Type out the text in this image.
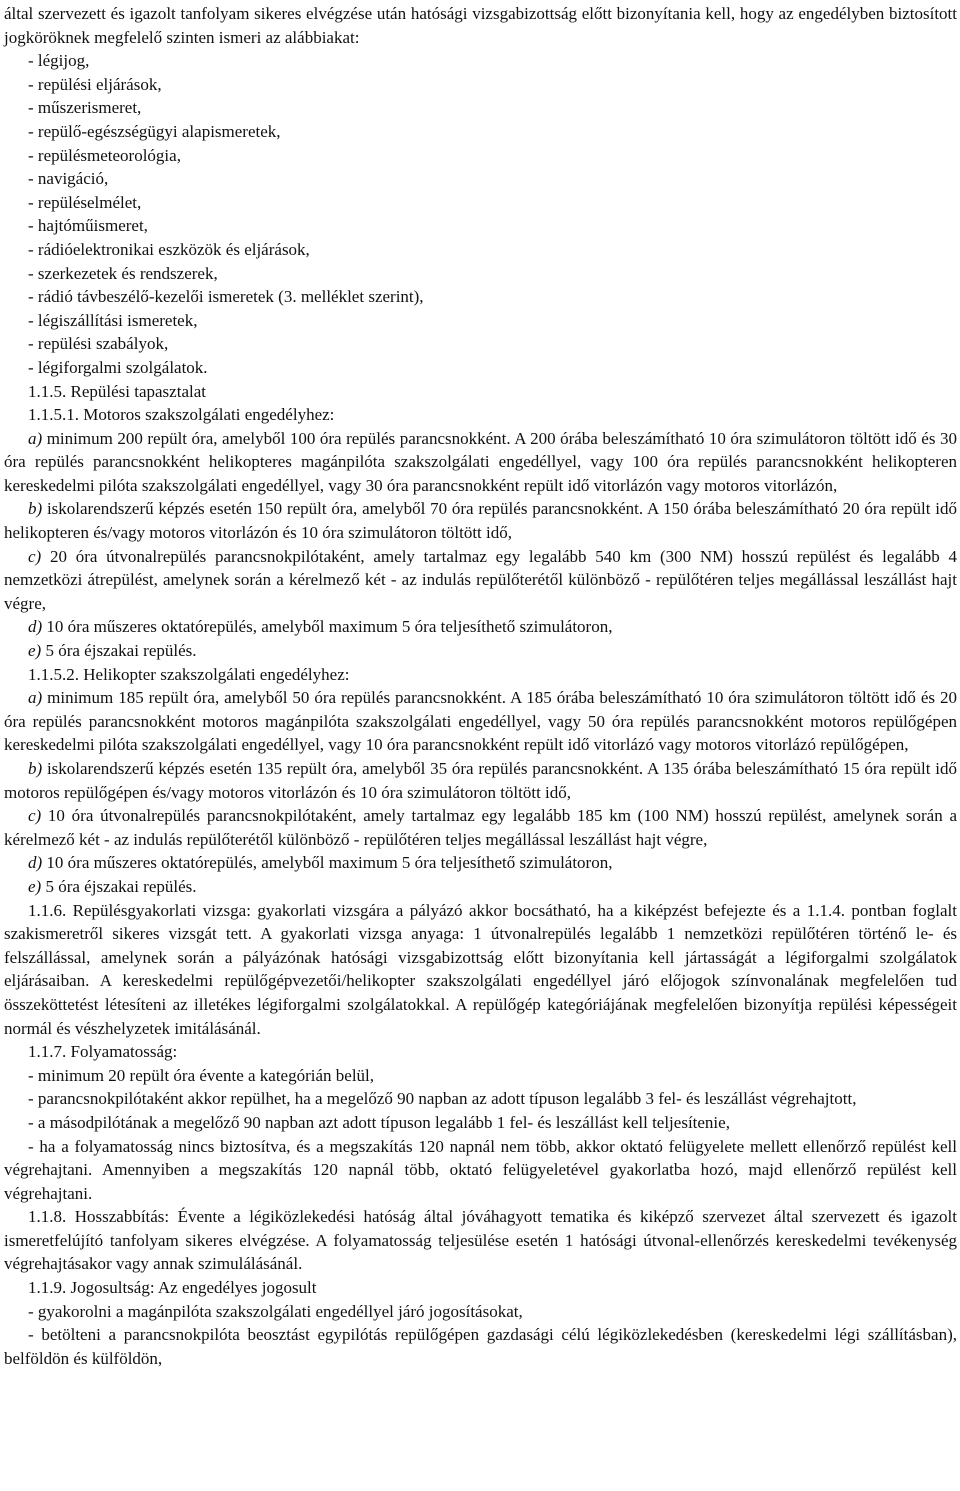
által szervezett és igazolt tanfolyam sikeres elvégzése után hatósági vizsgabizottság előtt bizonyítania kell, hogy az engedélyben biztosított jogköröknek megfelelő szinten ismeri az alábbiakat:

- légijog,

- repülési eljárások,

- műszerismeret,

- repülő-egészségügyi alapismeretek,

- repülésmeteorológia,

- navigáció,

- repüléselmélet,

- hajtóműismeret,

- rádióelektronikai eszközök és eljárások,

- szerkezetek és rendszerek,

- rádió távbeszélő-kezelői ismeretek (3. melléklet szerint),

- légiszállítási ismeretek,

- repülési szabályok,

- légiforgalmi szolgálatok.

1.1.5. Repülési tapasztalat

1.1.5.1. Motoros szakszolgálati engedélyhez:

a) minimum 200 repült óra, amelyből 100 óra repülés parancsnokként. A 200 órába beleszámítható 10 óra szimulátoron töltött idő és 30 óra repülés parancsnokként helikopteres magánpilóta szakszolgálati engedéllyel, vagy 100 óra repülés parancsnokként helikopteren kereskedelmi pilóta szakszolgálati engedéllyel, vagy 30 óra parancsnokként repült idő vitorlázón vagy motoros vitorlázón,

b) iskolarendszerű képzés esetén 150 repült óra, amelyből 70 óra repülés parancsnokként. A 150 órába beleszámítható 20 óra repült idő helikopteren és/vagy motoros vitorlázón és 10 óra szimulátoron töltött idő,

c) 20 óra útvonalrepülés parancsnokpilótaként, amely tartalmaz egy legalább 540 km (300 NM) hosszú repülést és legalább 4 nemzetközi átrepülést, amelynek során a kérelmező két - az indulás repülőterétől különböző - repülőtéren teljes megállással leszállást hajt végre,

d) 10 óra műszeres oktatórepülés, amelyből maximum 5 óra teljesíthető szimulátoron,

e) 5 óra éjszakai repülés.

1.1.5.2. Helikopter szakszolgálati engedélyhez:

a) minimum 185 repült óra, amelyből 50 óra repülés parancsnokként. A 185 órába beleszámítható 10 óra szimulátoron töltött idő és 20 óra repülés parancsnokként motoros magánpilóta szakszolgálati engedéllyel, vagy 50 óra repülés parancsnokként motoros repülőgépen kereskedelmi pilóta szakszolgálati engedéllyel, vagy 10 óra parancsnokként repült idő vitorlázó vagy motoros vitorlázó repülőgépen,

b) iskolarendszerű képzés esetén 135 repült óra, amelyből 35 óra repülés parancsnokként. A 135 órába beleszámítható 15 óra repült idő motoros repülőgépen és/vagy motoros vitorlázón és 10 óra szimulátoron töltött idő,

c) 10 óra útvonalrepülés parancsnokpilótaként, amely tartalmaz egy legalább 185 km (100 NM) hosszú repülést, amelynek során a kérelmező két - az indulás repülőterétől különböző - repülőtéren teljes megállással leszállást hajt végre,

d) 10 óra műszeres oktatórepülés, amelyből maximum 5 óra teljesíthető szimulátoron,

e) 5 óra éjszakai repülés.

1.1.6. Repülésgyakorlati vizsga: gyakorlati vizsgára a pályázó akkor bocsátható, ha a kiképzést befejezte és a 1.1.4. pontban foglalt szakismeretről sikeres vizsgát tett. A gyakorlati vizsga anyaga: 1 útvonalrepülés legalább 1 nemzetközi repülőtéren történő le- és felszállással, amelynek során a pályázónak hatósági vizsgabizottság előtt bizonyítania kell jártasságát a légiforgalmi szolgálatok eljárásaiban. A kereskedelmi repülőgépvezetői/helikopter szakszolgálati engedéllyel járó előjogok színvonalának megfelelően tud összeköttetést létesíteni az illetékes légiforgalmi szolgálatokkal. A repülőgép kategóriájának megfelelően bizonyítja repülési képességeit normál és vészhelyzetek imitálásánál.

1.1.7. Folyamatosság:

- minimum 20 repült óra évente a kategórián belül,

- parancsnokpilótaként akkor repülhet, ha a megelőző 90 napban az adott típuson legalább 3 fel- és leszállást végrehajtott,

- a másodpilótának a megelőző 90 napban azt adott típuson legalább 1 fel- és leszállást kell teljesítenie,

- ha a folyamatosság nincs biztosítva, és a megszakítás 120 napnál nem több, akkor oktató felügyelete mellett ellenőrző repülést kell végrehajtani. Amennyiben a megszakítás 120 napnál több, oktató felügyeletével gyakorlatba hozó, majd ellenőrző repülést kell végrehajtani.

1.1.8. Hosszabbítás: Évente a légiközlekedési hatóság által jóváhagyott tematika és kiképző szervezet által szervezett és igazolt ismeretfelújító tanfolyam sikeres elvégzése. A folyamatosság teljesülése esetén 1 hatósági útvonal-ellenőrzés kereskedelmi tevékenység végrehajtásakor vagy annak szimulálásánál.

1.1.9. Jogosultság: Az engedélyes jogosult

- gyakorolni a magánpilóta szakszolgálati engedéllyel járó jogosításokat,

- betölteni a parancsnokpilóta beosztást egypilótás repülőgépen gazdasági célú légiközlekedésben (kereskedelmi légi szállításban), belföldön és külföldön,
